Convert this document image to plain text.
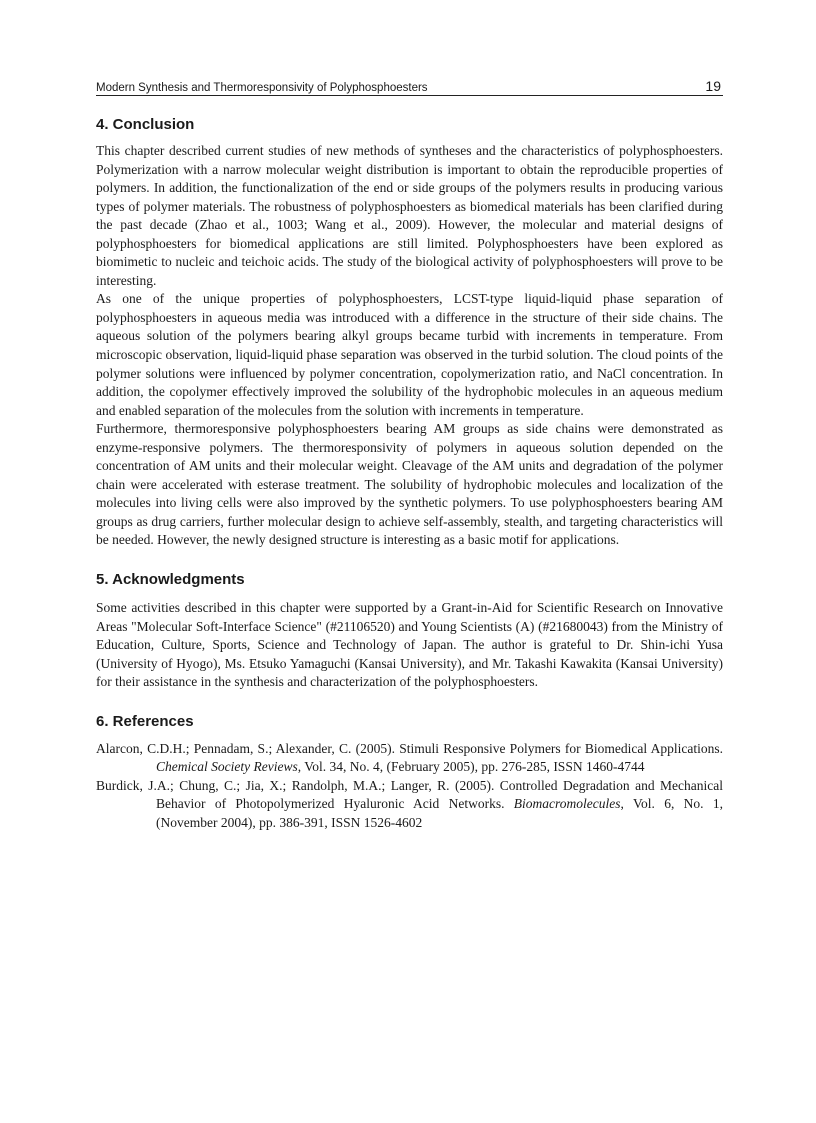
Modern Synthesis and Thermoresponsivity of Polyphosphoesters	19
4. Conclusion

This chapter described current studies of new methods of syntheses and the characteristics of polyphosphoesters. Polymerization with a narrow molecular weight distribution is important to obtain the reproducible properties of polymers. In addition, the functionalization of the end or side groups of the polymers results in producing various types of polymer materials. The robustness of polyphosphoesters as biomedical materials has been clarified during the past decade (Zhao et al., 1003; Wang et al., 2009). However, the molecular and material designs of polyphosphoesters for biomedical applications are still limited. Polyphosphoesters have been explored as biomimetic to nucleic and teichoic acids. The study of the biological activity of polyphosphoesters will prove to be interesting.

As one of the unique properties of polyphosphoesters, LCST-type liquid-liquid phase separation of polyphosphoesters in aqueous media was introduced with a difference in the structure of their side chains. The aqueous solution of the polymers bearing alkyl groups became turbid with increments in temperature. From microscopic observation, liquid-liquid phase separation was observed in the turbid solution. The cloud points of the polymer solutions were influenced by polymer concentration, copolymerization ratio, and NaCl concentration. In addition, the copolymer effectively improved the solubility of the hydrophobic molecules in an aqueous medium and enabled separation of the molecules from the solution with increments in temperature.

Furthermore, thermoresponsive polyphosphoesters bearing AM groups as side chains were demonstrated as enzyme-responsive polymers. The thermoresponsivity of polymers in aqueous solution depended on the concentration of AM units and their molecular weight. Cleavage of the AM units and degradation of the polymer chain were accelerated with esterase treatment. The solubility of hydrophobic molecules and localization of the molecules into living cells were also improved by the synthetic polymers. To use polyphosphoesters bearing AM groups as drug carriers, further molecular design to achieve self-assembly, stealth, and targeting characteristics will be needed. However, the newly designed structure is interesting as a basic motif for applications.

5. Acknowledgments

Some activities described in this chapter were supported by a Grant-in-Aid for Scientific Research on Innovative Areas "Molecular Soft-Interface Science" (#21106520) and Young Scientists (A) (#21680043) from the Ministry of Education, Culture, Sports, Science and Technology of Japan. The author is grateful to Dr. Shin-ichi Yusa (University of Hyogo), Ms. Etsuko Yamaguchi (Kansai University), and Mr. Takashi Kawakita (Kansai University) for their assistance in the synthesis and characterization of the polyphosphoesters.

6. References

Alarcon, C.D.H.; Pennadam, S.; Alexander, C. (2005). Stimuli Responsive Polymers for Biomedical Applications. Chemical Society Reviews, Vol. 34, No. 4, (February 2005), pp. 276-285, ISSN 1460-4744

Burdick, J.A.; Chung, C.; Jia, X.; Randolph, M.A.; Langer, R. (2005). Controlled Degradation and Mechanical Behavior of Photopolymerized Hyaluronic Acid Networks. Biomacromolecules, Vol. 6, No. 1, (November 2004), pp. 386-391, ISSN 1526-4602
